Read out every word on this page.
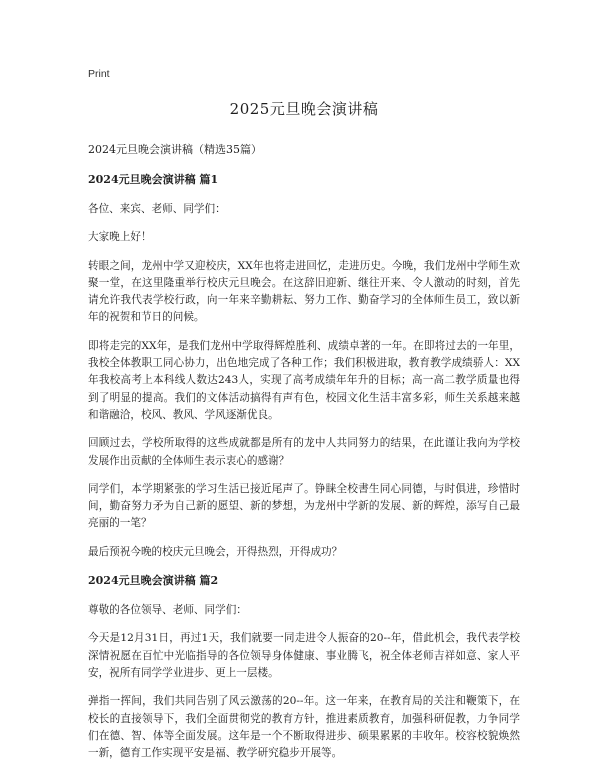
Print
2025元旦晚会演讲稿
2024元旦晚会演讲稿（精选35篇）
2024元旦晚会演讲稿 篇1

各位、来宾、老师、同学们：

大家晚上好！

转眼之间，龙州中学又迎校庆，XX年也将走进回忆，走进历史。今晚，我们龙州中学师生欢聚一堂，在这里隆重举行校庆元旦晚会。在这辞旧迎新、继往开来、令人激动的时刻，首先请允许我代表学校行政，向一年来辛勤耕耘、努力工作、勤奋学习的全体师生员工，致以新年的祝贺和节日的问候。

即将走完的XX年，是我们龙州中学取得辉煌胜利、成绩卓著的一年。在即将过去的一年里，我校全体教职工同心协力，出色地完成了各种工作；我们积极进取，教育教学成绩骄人：XX年我校高考上本科线人数达243人，实现了高考成绩年年升的目标；高一高二教学质量也得到了明显的提高。我们的文体活动搞得有声有色，校园文化生活丰富多彩，师生关系越来越和谐融洽，校风、教风、学风逐渐优良。

回顾过去，学校所取得的这些成就都是所有的龙中人共同努力的结果，在此谨让我向为学校发展作出贡献的全体师生表示衷心的感谢？

同学们，本学期紧张的学习生活已接近尾声了。铮睐全校書生同心同德，与时俱进，珍惜时间，勤奋努力矛为自己新的愿望、新的梦想，为龙州中学新的发展、新的辉煌，添写自己最亮丽的一笔？

最后预祝今晚的校庆元旦晚会，开得热烈，开得成功？

2024元旦晚会演讲稿 篇2

尊敬的各位领导、老师、同学们：

今天是12月31日，再过1天，我们就要一同走进令人振奋的20--年，借此机会，我代表学校深情祝愿在百忙中光临指导的各位领导身体健康、事业腾飞，祝全体老师吉祥如意、家人平安，祝所有同学学业进步、更上一层楼。

弹指一挥间，我们共同告别了风云激荡的20--年。这一年来，在教育局的关注和鞭策下，在校长的直接领导下，我们全面贯彻党的教育方针，推进素质教育，加强科研促教，力争同学们在德、智、体等全面发展。这年是一个不断取得进步、硕果累累的丰收年。校容校貌焕然一新，德育工作实现平安是福、教学研究稳步开展等。
